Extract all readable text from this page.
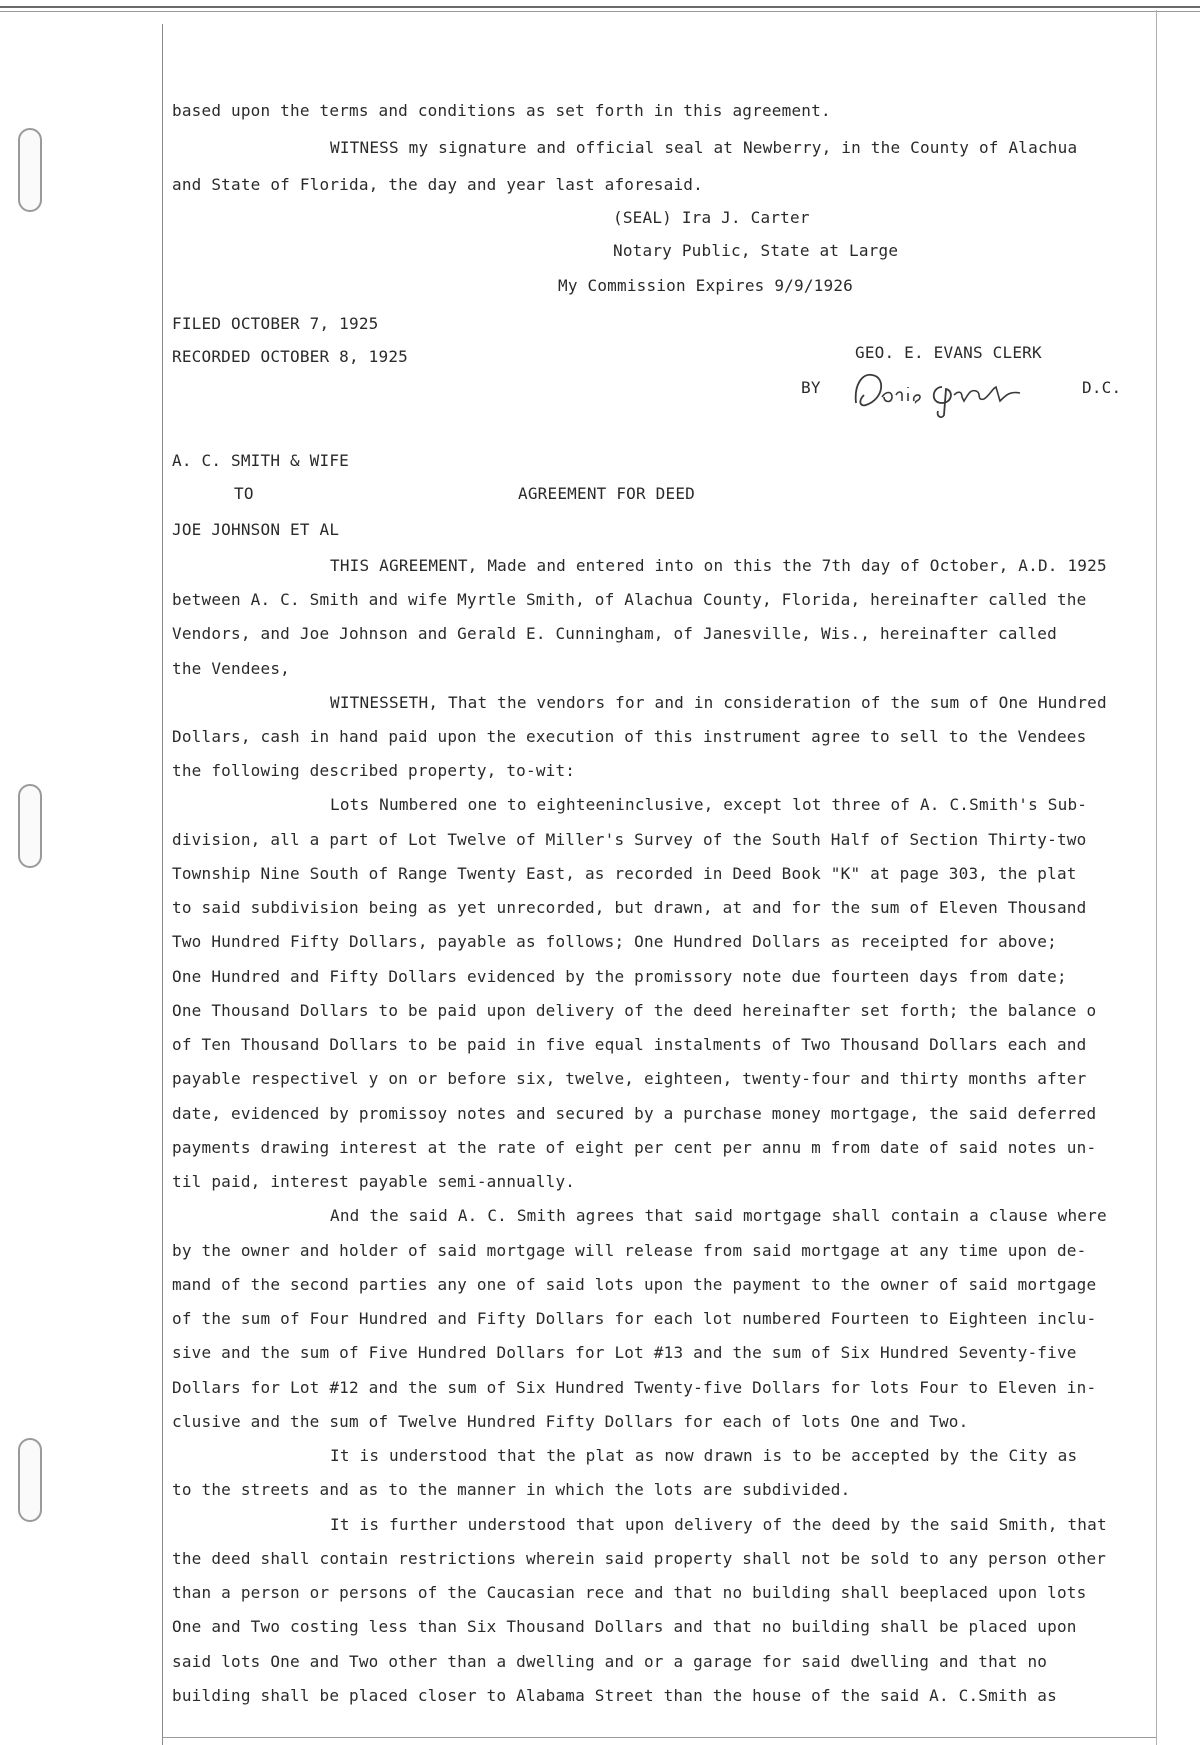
based upon the terms and conditions as set forth in this agreement.
WITNESS my signature and official seal at Newberry, in the County of Alachua
and State of Florida, the day and year last aforesaid.
(SEAL) Ira J. Carter
Notary Public, State at Large
My Commission Expires 9/9/1926
FILED OCTOBER 7, 1925
RECORDED OCTOBER 8, 1925	GEO. E. EVANS CLERK
BY	D.C.
A. C. SMITH & WIFE
TO	AGREEMENT FOR DEED
JOE JOHNSON ET AL
THIS AGREEMENT, Made and entered into on this the 7th day of October, A.D. 1925
between A. C. Smith and wife Myrtle Smith, of Alachua County, Florida, hereinafter called the
Vendors, and Joe Johnson and Gerald E. Cunningham, of Janesville, Wis., hereinafter called
the Vendees,
WITNESSETH, That the vendors for and in consideration of the sum of One Hundred
Dollars, cash in hand paid upon the execution of this instrument agree to sell to the Vendees
the following described property, to-wit:
Lots Numbered one to eighteeninclusive, except lot three of A. C.Smith's Sub-
division, all a part of Lot Twelve of Miller's Survey of the South Half of Section Thirty-two
Township Nine South of Range Twenty East, as recorded in Deed Book "K" at page 303, the plat
to said subdivision being as yet unrecorded, but drawn, at and for the sum of Eleven Thousand
Two Hundred Fifty Dollars, payable as follows; One Hundred Dollars as receipted for above;
One Hundred and Fifty Dollars evidenced by the promissory note due fourteen days from date;
One Thousand Dollars to be paid upon delivery of the deed hereinafter set forth; the balance o
of Ten Thousand Dollars to be paid in five equal instalments of Two Thousand Dollars each and
payable respectivel y on or before six, twelve, eighteen, twenty-four and thirty months after
date, evidenced by promissoy notes and secured by a purchase money mortgage, the said deferred
payments drawing interest at the rate of eight per cent per annu m from date of said notes un-
til paid, interest payable semi-annually.
And the said A. C. Smith agrees that said mortgage shall contain a clause where
by the owner and holder of said mortgage will release from said mortgage at any time upon de-
mand of the second parties any one of said lots upon the payment to the owner of said mortgage
of the sum of Four Hundred and Fifty Dollars for each lot numbered Fourteen to Eighteen inclu-
sive and the sum of Five Hundred Dollars for Lot #13 and the sum of Six Hundred Seventy-five
Dollars for Lot #12 and the sum of Six Hundred Twenty-five Dollars for lots Four to Eleven in-
clusive and the sum of Twelve Hundred Fifty Dollars for each of lots One and Two.
It is understood that the plat as now drawn is to be accepted by the City as
to the streets and as to the manner in which the lots are subdivided.
It is further understood that upon delivery of the deed by the said Smith, that
the deed shall contain restrictions wherein said property shall not be sold to any person other
than a person or persons of the Caucasian rece and that no building shall beeplaced upon lots
One and Two costing less than Six Thousand Dollars and that no building shall be placed upon
said lots One and Two other than a dwelling and or a garage for said dwelling and that no
building shall be placed closer to Alabama Street than the house of the said A. C.Smith as
